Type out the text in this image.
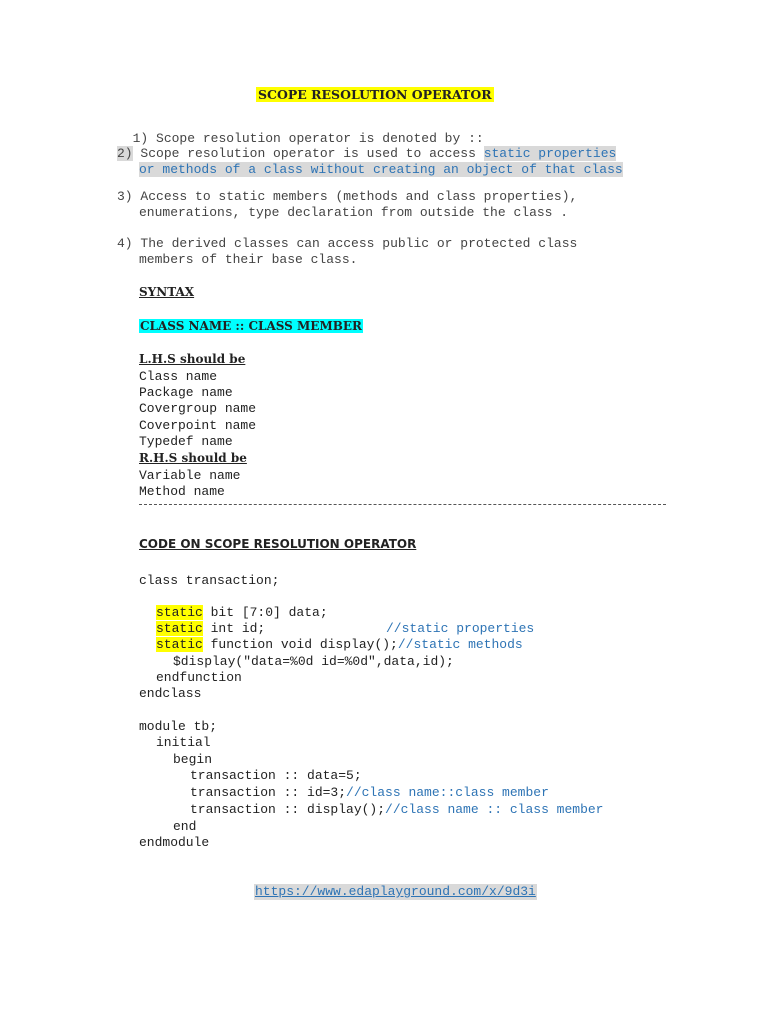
SCOPE RESOLUTION OPERATOR

1) Scope resolution operator is denoted by ::

2) Scope resolution operator is used to access static properties
or methods of a class without creating an object of that class
3) Access to static members (methods and class properties),
enumerations, type declaration from outside the class .
4) The derived classes can access public or protected class
members of their base class.
SYNTAX
CLASS NAME :: CLASS MEMBER
L.H.S should be
Class name
Package name
Covergroup name
Coverpoint name
Typedef name
R.H.S should be
Variable name
Method name
CODE ON SCOPE RESOLUTION OPERATOR
class transaction;
static bit [7:0] data;
static int id;	//static properties
static function void display();//static methods
$display("data=%0d id=%0d",data,id);
endfunction
endclass
module tb;
initial
begin
transaction :: data=5;
transaction :: id=3;//class name::class member
transaction :: display();//class name :: class member
end
endmodule
https://www.edaplayground.com/x/9d3i
